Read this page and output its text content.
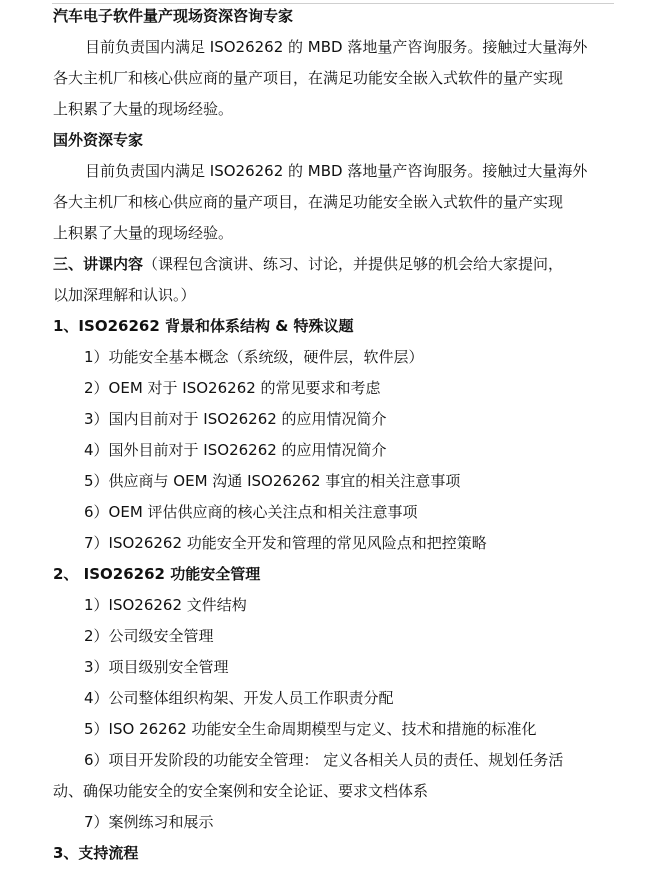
汽车电子软件量产现场资深咨询专家
目前负责国内满足 ISO26262 的 MBD 落地量产咨询服务。接触过大量海外
各大主机厂和核心供应商的量产项目，在满足功能安全嵌入式软件的量产实现
上积累了大量的现场经验。
国外资深专家
目前负责国内满足 ISO26262 的 MBD 落地量产咨询服务。接触过大量海外
各大主机厂和核心供应商的量产项目，在满足功能安全嵌入式软件的量产实现
上积累了大量的现场经验。
三、讲课内容（课程包含演讲、练习、讨论，并提供足够的机会给大家提问，
以加深理解和认识。）
1、ISO26262 背景和体系结构 & 特殊议题
1）功能安全基本概念（系统级，硬件层，软件层）
2）OEM 对于 ISO26262 的常见要求和考虑
3）国内目前对于 ISO26262 的应用情况简介
4）国外目前对于 ISO26262 的应用情况简介
5）供应商与 OEM 沟通 ISO26262 事宜的相关注意事项
6）OEM 评估供应商的核心关注点和相关注意事项
7）ISO26262 功能安全开发和管理的常见风险点和把控策略
2、 ISO26262 功能安全管理
1）ISO26262 文件结构
2）公司级安全管理
3）项目级别安全管理
4）公司整体组织构架、开发人员工作职责分配
5）ISO 26262 功能安全生命周期模型与定义、技术和措施的标准化
6）项目开发阶段的功能安全管理： 定义各相关人员的责任、规划任务活
动、确保功能安全的安全案例和安全论证、要求文档体系
7）案例练习和展示
3、支持流程
